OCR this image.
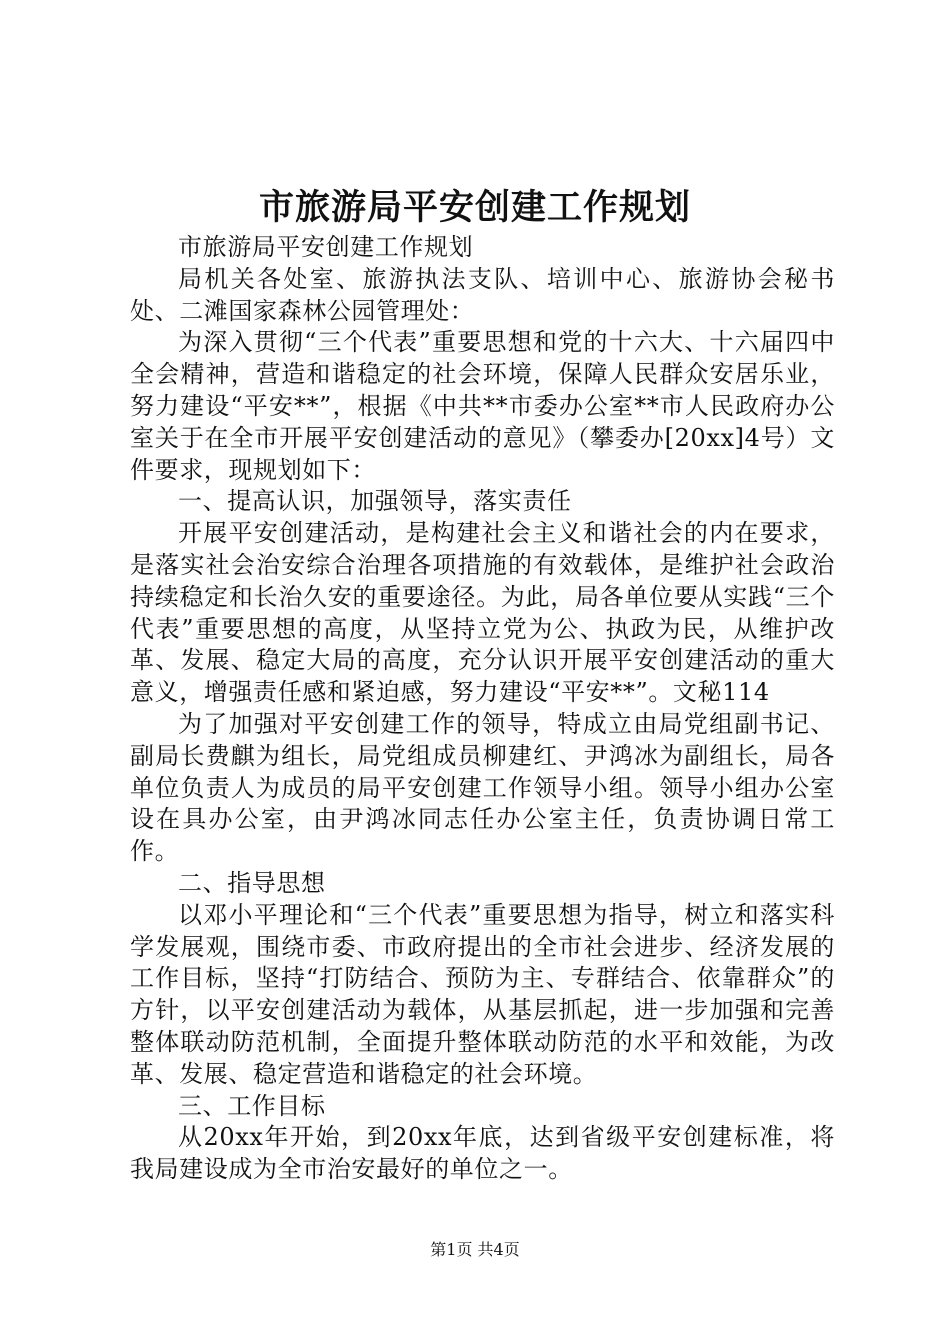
市旅游局平安创建工作规划

市旅游局平安创建工作规划

局机关各处室、旅游执法支队、培训中心、旅游协会秘书处、二滩国家森林公园管理处：

为深入贯彻“三个代表”重要思想和党的十六大、十六届四中全会精神，营造和谐稳定的社会环境，保障人民群众安居乐业，努力建设“平安**”，根据《中共**市委办公室**市人民政府办公室关于在全市开展平安创建活动的意见》（攀委办[20xx]4号）文件要求，现规划如下：

一、提高认识，加强领导，落实责任

开展平安创建活动，是构建社会主义和谐社会的内在要求，是落实社会治安综合治理各项措施的有效载体，是维护社会政治持续稳定和长治久安的重要途径。为此，局各单位要从实践“三个代表”重要思想的高度，从坚持立党为公、执政为民，从维护改革、发展、稳定大局的高度，充分认识开展平安创建活动的重大意义，增强责任感和紧迫感，努力建设“平安**”。文秘114

为了加强对平安创建工作的领导，特成立由局党组副书记、副局长费麒为组长，局党组成员柳建红、尹鸿冰为副组长，局各单位负责人为成员的局平安创建工作领导小组。领导小组办公室设在具办公室，由尹鸿冰同志任办公室主任，负责协调日常工作。

二、指导思想

以邓小平理论和“三个代表”重要思想为指导，树立和落实科学发展观，围绕市委、市政府提出的全市社会进步、经济发展的工作目标，坚持“打防结合、预防为主、专群结合、依靠群众”的方针，以平安创建活动为载体，从基层抓起，进一步加强和完善整体联动防范机制，全面提升整体联动防范的水平和效能，为改革、发展、稳定营造和谐稳定的社会环境。

三、工作目标

从20xx年开始，到20xx年底，达到省级平安创建标准，将我局建设成为全市治安最好的单位之一。

第1页 共4页
